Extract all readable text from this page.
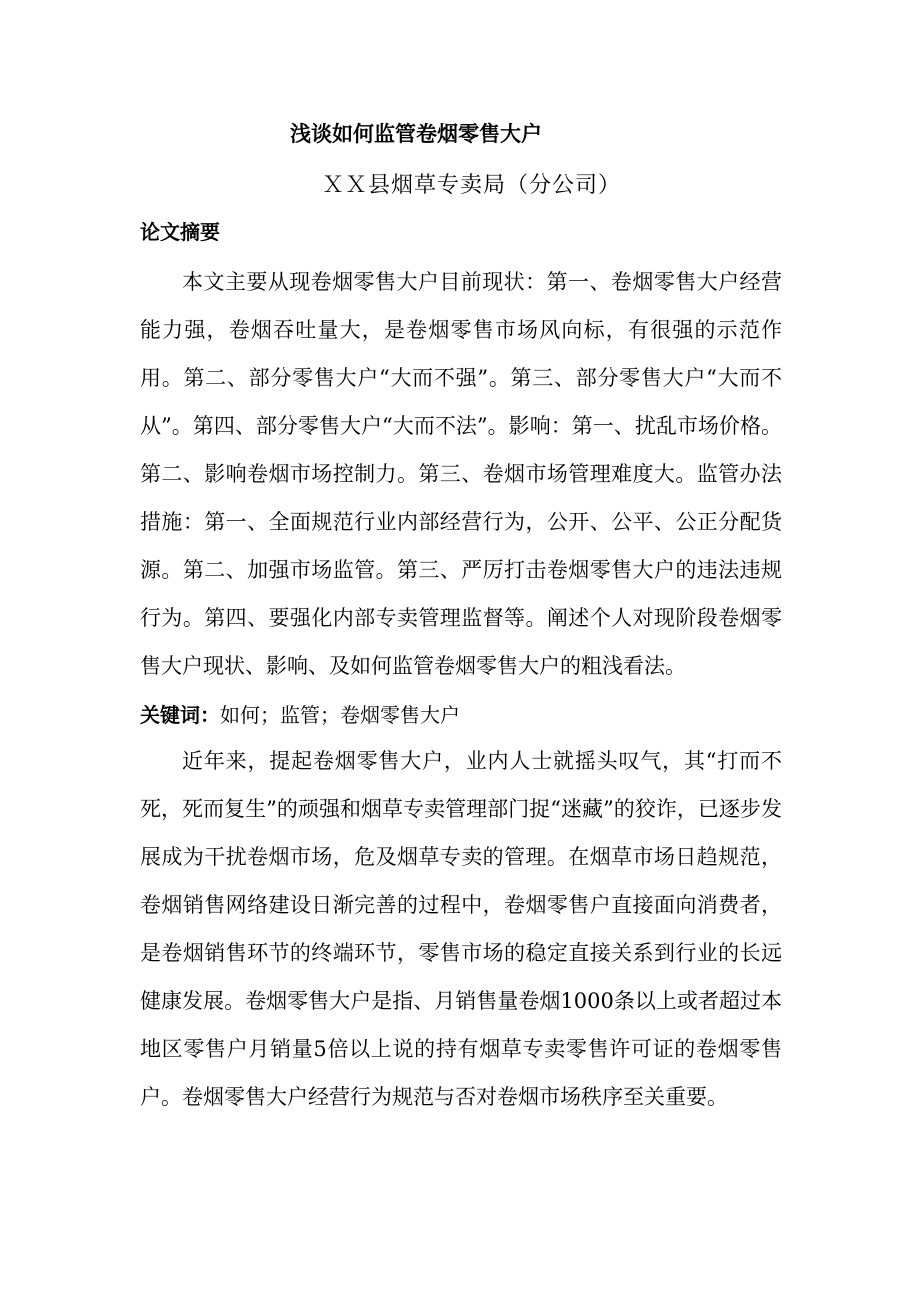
浅谈如何监管卷烟零售大户
ＸＸ县烟草专卖局（分公司）
论文摘要

本文主要从现卷烟零售大户目前现状：第一、卷烟零售大户经营能力强，卷烟吞吐量大，是卷烟零售市场风向标，有很强的示范作用。第二、部分零售大户“大而不强”。第三、部分零售大户“大而不从”。第四、部分零售大户“大而不法”。影响：第一、扰乱市场价格。第二、影响卷烟市场控制力。第三、卷烟市场管理难度大。监管办法措施：第一、全面规范行业内部经营行为，公开、公平、公正分配货源。第二、加强市场监管。第三、严厉打击卷烟零售大户的违法违规行为。第四、要强化内部专卖管理监督等。阐述个人对现阶段卷烟零售大户现状、影响、及如何监管卷烟零售大户的粗浅看法。

关键词：如何；监管；卷烟零售大户

近年来，提起卷烟零售大户，业内人士就摇头叹气，其“打而不死，死而复生”的顽强和烟草专卖管理部门捉“迷藏”的狡诈，已逐步发展成为干扰卷烟市场，危及烟草专卖的管理。在烟草市场日趋规范，卷烟销售网络建设日渐完善的过程中，卷烟零售户直接面向消费者，是卷烟销售环节的终端环节，零售市场的稳定直接关系到行业的长远健康发展。卷烟零售大户是指、月销售量卷烟1000条以上或者超过本地区零售户月销量5倍以上说的持有烟草专卖零售许可证的卷烟零售户。卷烟零售大户经营行为规范与否对卷烟市场秩序至关重要。
